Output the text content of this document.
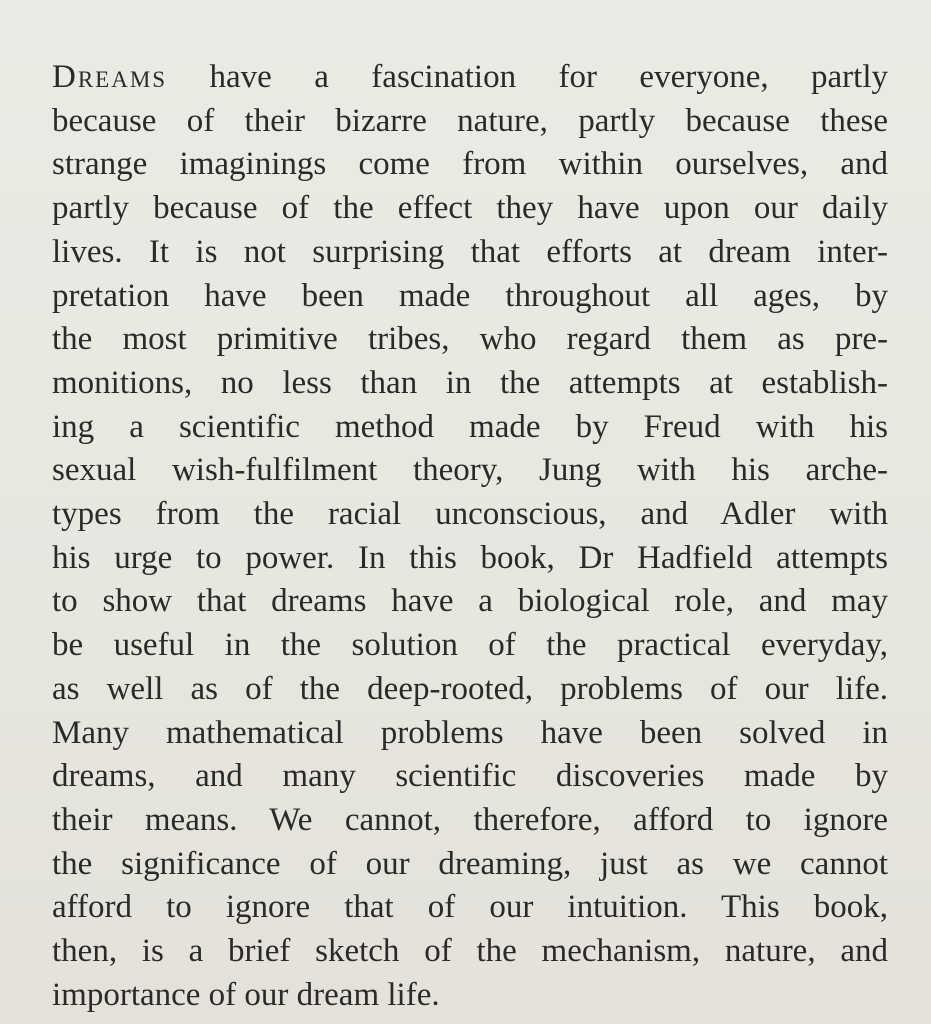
Dreams have a fascination for everyone, partly
because of their bizarre nature, partly because these
strange imaginings come from within ourselves, and
partly because of the effect they have upon our daily
lives. It is not surprising that efforts at dream inter-
pretation have been made throughout all ages, by
the most primitive tribes, who regard them as pre-
monitions, no less than in the attempts at establish-
ing a scientific method made by Freud with his
sexual wish-fulfilment theory, Jung with his arche-
types from the racial unconscious, and Adler with
his urge to power. In this book, Dr Hadfield attempts
to show that dreams have a biological role, and may
be useful in the solution of the practical everyday,
as well as of the deep-rooted, problems of our life.
Many mathematical problems have been solved in
dreams, and many scientific discoveries made by
their means. We cannot, therefore, afford to ignore
the significance of our dreaming, just as we cannot
afford to ignore that of our intuition. This book,
then, is a brief sketch of the mechanism, nature, and
importance of our dream life.
